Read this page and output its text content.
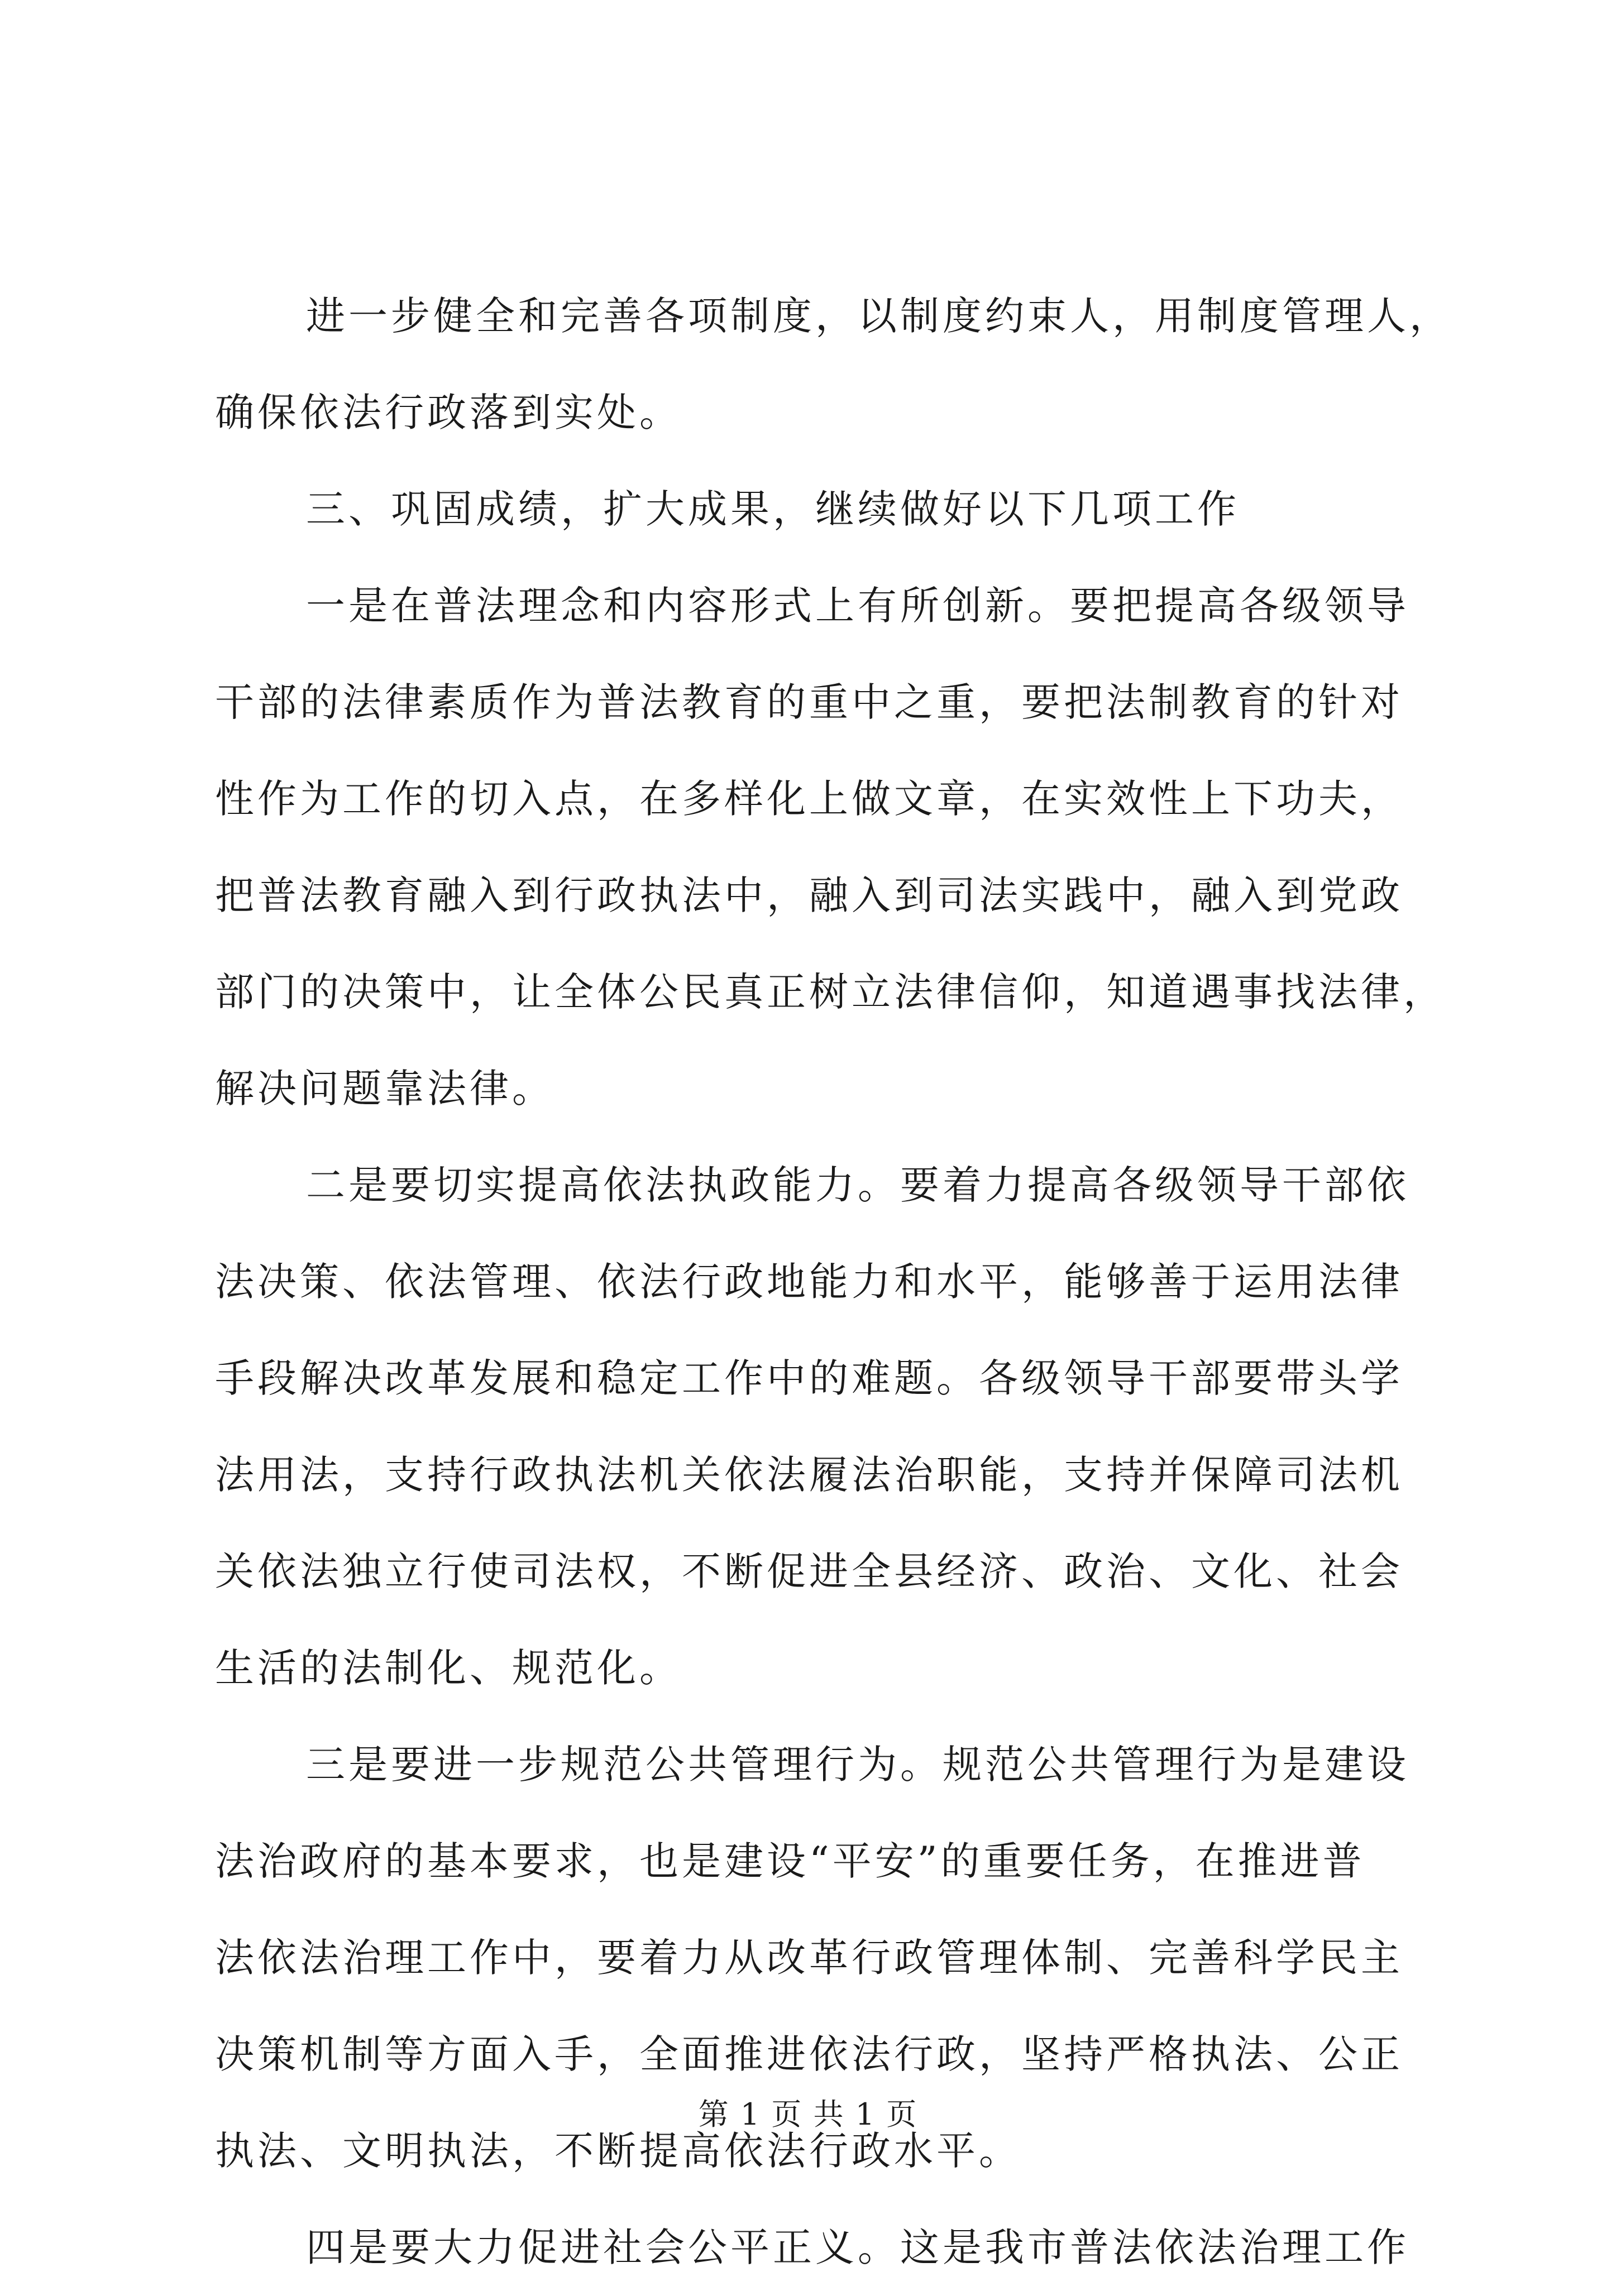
进一步健全和完善各项制度，以制度约束人，用制度管理人，
确保依法行政落到实处。

三、巩固成绩，扩大成果，继续做好以下几项工作

一是在普法理念和内容形式上有所创新。要把提高各级领导
干部的法律素质作为普法教育的重中之重，要把法制教育的针对
性作为工作的切入点，在多样化上做文章，在实效性上下功夫，
把普法教育融入到行政执法中，融入到司法实践中，融入到党政
部门的决策中，让全体公民真正树立法律信仰，知道遇事找法律，
解决问题靠法律。

二是要切实提高依法执政能力。要着力提高各级领导干部依
法决策、依法管理、依法行政地能力和水平，能够善于运用法律
手段解决改革发展和稳定工作中的难题。各级领导干部要带头学
法用法，支持行政执法机关依法履法治职能，支持并保障司法机
关依法独立行使司法权，不断促进全县经济、政治、文化、社会
生活的法制化、规范化。

三是要进一步规范公共管理行为。规范公共管理行为是建设
法治政府的基本要求，也是建设“平安”的重要任务，在推进普
法依法治理工作中，要着力从改革行政管理体制、完善科学民主
决策机制等方面入手，全面推进依法行政，坚持严格执法、公正
执法、文明执法，不断提高依法行政水平。

四是要大力促进社会公平正义。这是我市普法依法治理工作

第 1 页 共 1 页
